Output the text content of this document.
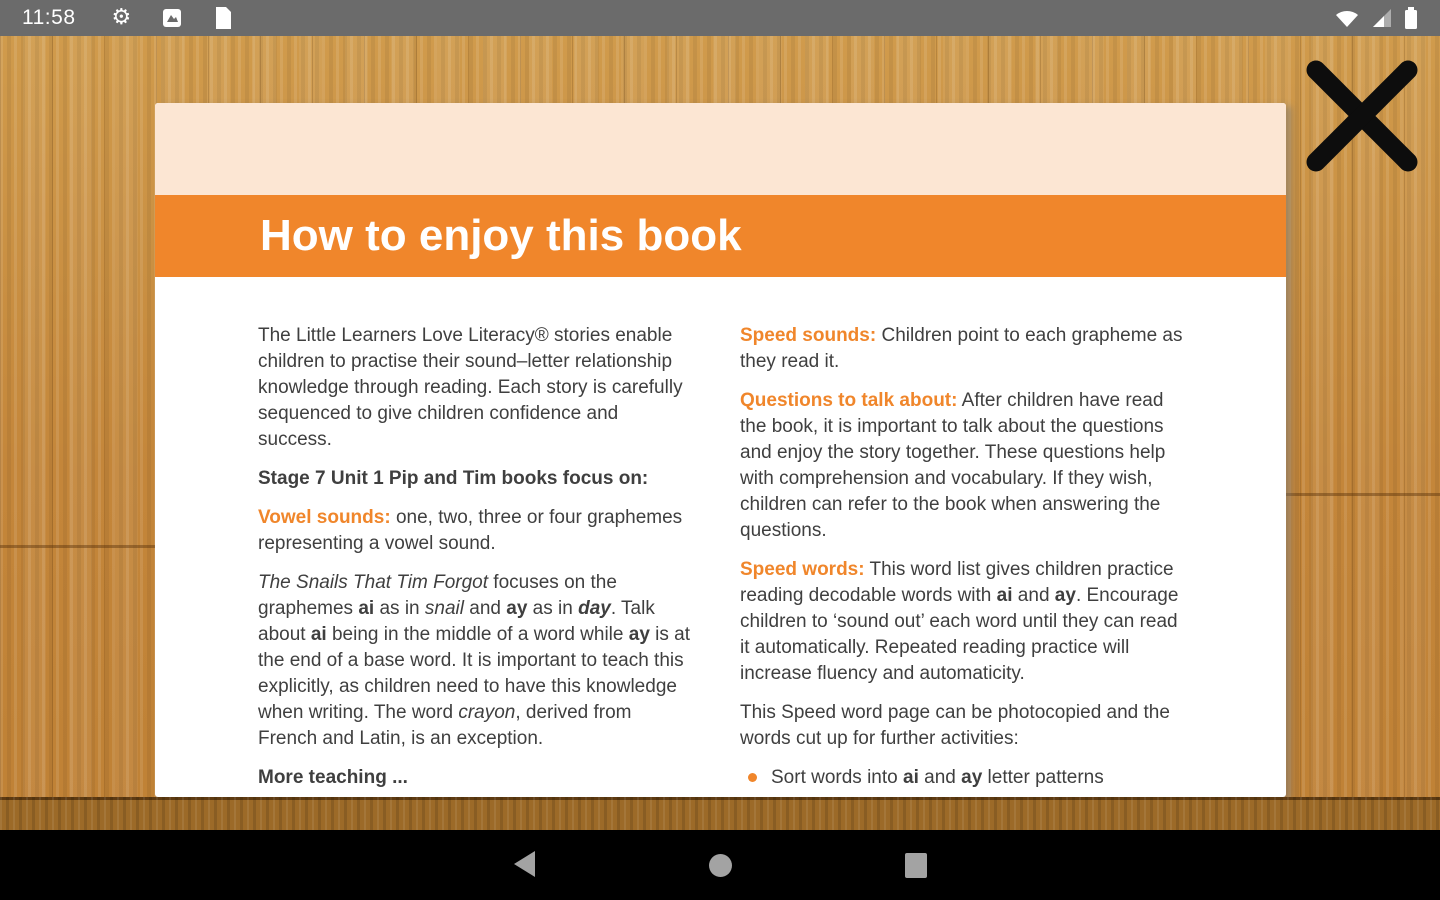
11:58 ⚙
How to enjoy this book

The Little Learners Love Literacy® stories enable children to practise their sound–letter relationship knowledge through reading. Each story is carefully sequenced to give children confidence and success.

Stage 7 Unit 1 Pip and Tim books focus on:

Vowel sounds: one, two, three or four graphemes representing a vowel sound.

The Snails That Tim Forgot focuses on the graphemes ai as in snail and ay as in day. Talk about ai being in the middle of a word while ay is at the end of a base word. It is important to teach this explicitly, as children need to have this knowledge when writing. The word crayon, derived from French and Latin, is an exception.

More teaching ...

Speed sounds: Children point to each grapheme as they read it.

Questions to talk about: After children have read the book, it is important to talk about the questions and enjoy the story together. These questions help with comprehension and vocabulary. If they wish, children can refer to the book when answering the questions.

Speed words: This word list gives children practice reading decodable words with ai and ay. Encourage children to ‘sound out’ each word until they can read it automatically. Repeated reading practice will increase fluency and automaticity.

This Speed word page can be photocopied and the words cut up for further activities:

Sort words into ai and ay letter patterns
